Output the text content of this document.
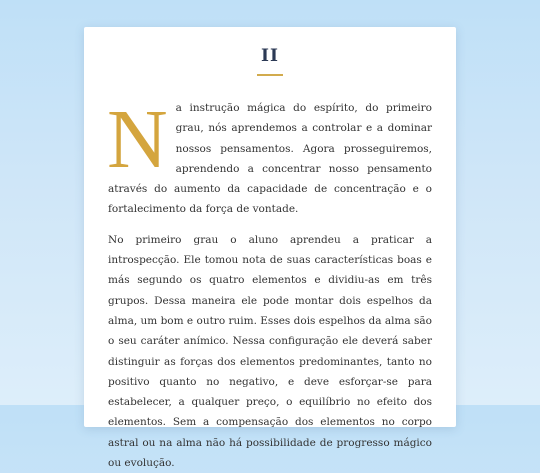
II

Na instrução mágica do espírito, do primeiro grau, nós aprendemos a controlar e a dominar nossos pensamentos. Agora prosseguiremos, aprendendo a concentrar nosso pensamento através do aumento da capacidade de concentração e o fortalecimento da força de vontade.

No primeiro grau o aluno aprendeu a praticar a introspecção. Ele tomou nota de suas características boas e más segundo os quatro elementos e dividiu-as em três grupos. Dessa maneira ele pode montar dois espelhos da alma, um bom e outro ruim. Esses dois espelhos da alma são o seu caráter anímico. Nessa configuração ele deverá saber distinguir as forças dos elementos predominantes, tanto no positivo quanto no negativo, e deve esforçar-se para estabelecer, a qualquer preço, o equilíbrio no efeito dos elementos. Sem a compensação dos elementos no corpo astral ou na alma não há possibilidade de progresso mágico ou evolução.
